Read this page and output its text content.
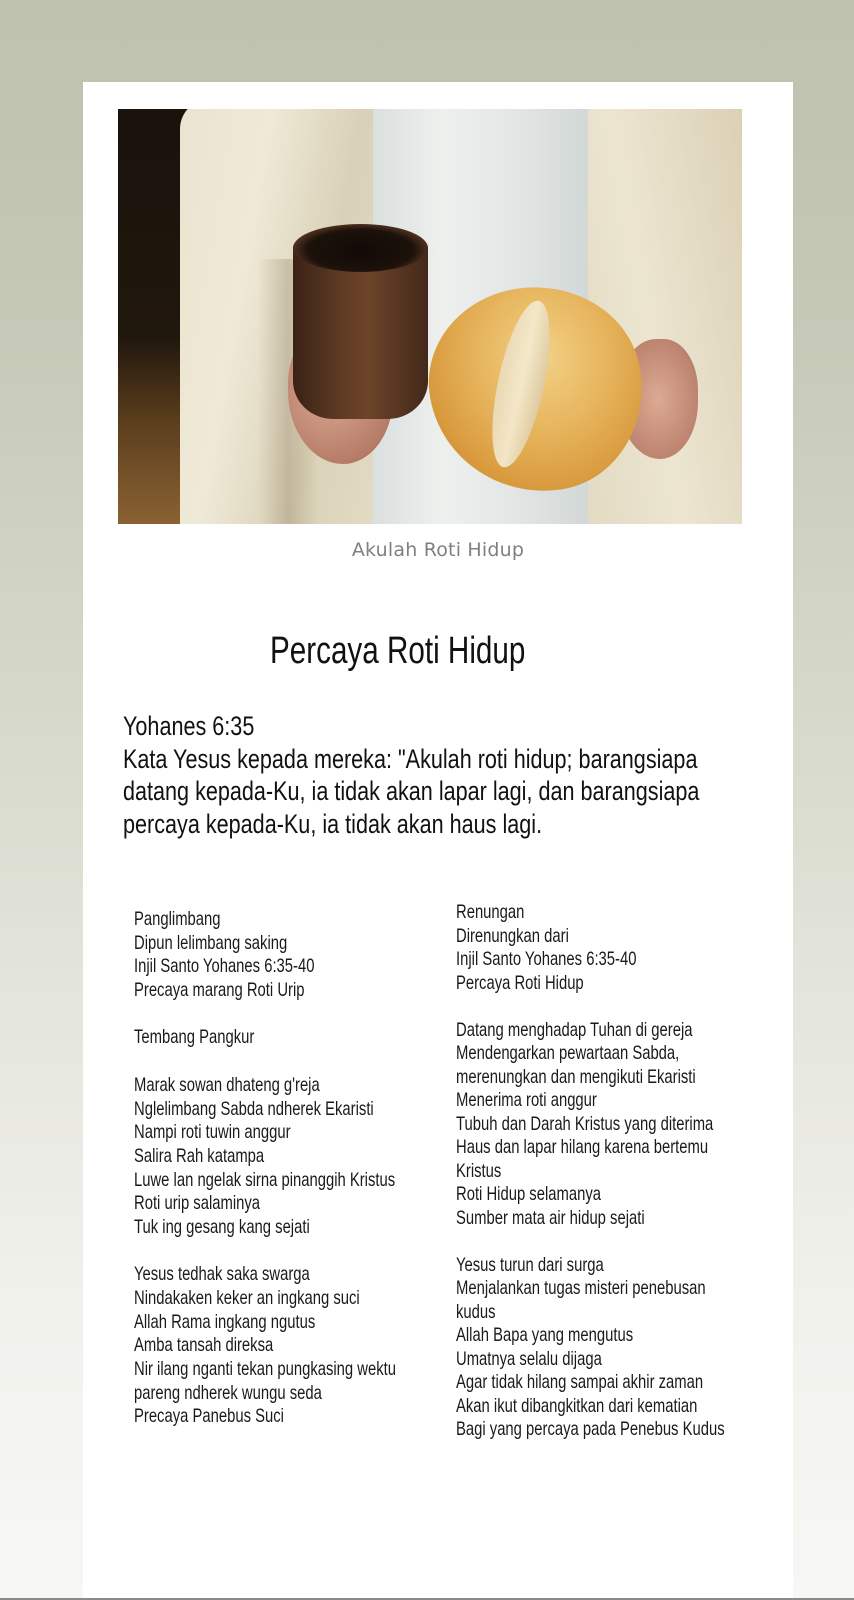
Akulah Roti Hidup
Percaya Roti Hidup
Yohanes 6:35
Kata Yesus kepada mereka: "Akulah roti hidup; barangsiapa
datang kepada-Ku, ia tidak akan lapar lagi, dan barangsiapa
percaya kepada-Ku, ia tidak akan haus lagi.
Panglimbang
Dipun lelimbang saking
Injil Santo Yohanes 6:35-40
Precaya marang Roti Urip
Tembang Pangkur
Marak sowan dhateng g'reja
Nglelimbang Sabda ndherek Ekaristi
Nampi roti tuwin anggur
Salira Rah katampa
Luwe lan ngelak sirna pinanggih Kristus
Roti urip salaminya
Tuk ing gesang kang sejati
Yesus tedhak saka swarga
Nindakaken keker an ingkang suci
Allah Rama ingkang ngutus
Amba tansah direksa
Nir ilang nganti tekan pungkasing wektu
pareng ndherek wungu seda
Precaya Panebus Suci
Renungan
Direnungkan dari
Injil Santo Yohanes 6:35-40
Percaya Roti Hidup
Datang menghadap Tuhan di gereja
Mendengarkan pewartaan Sabda,
merenungkan dan mengikuti Ekaristi
Menerima roti anggur
Tubuh dan Darah Kristus yang diterima
Haus dan lapar hilang karena bertemu
Kristus
Roti Hidup selamanya
Sumber mata air hidup sejati
Yesus turun dari surga
Menjalankan tugas misteri penebusan
kudus
Allah Bapa yang mengutus
Umatnya selalu dijaga
Agar tidak hilang sampai akhir zaman
Akan ikut dibangkitkan dari kematian
Bagi yang percaya pada Penebus Kudus
